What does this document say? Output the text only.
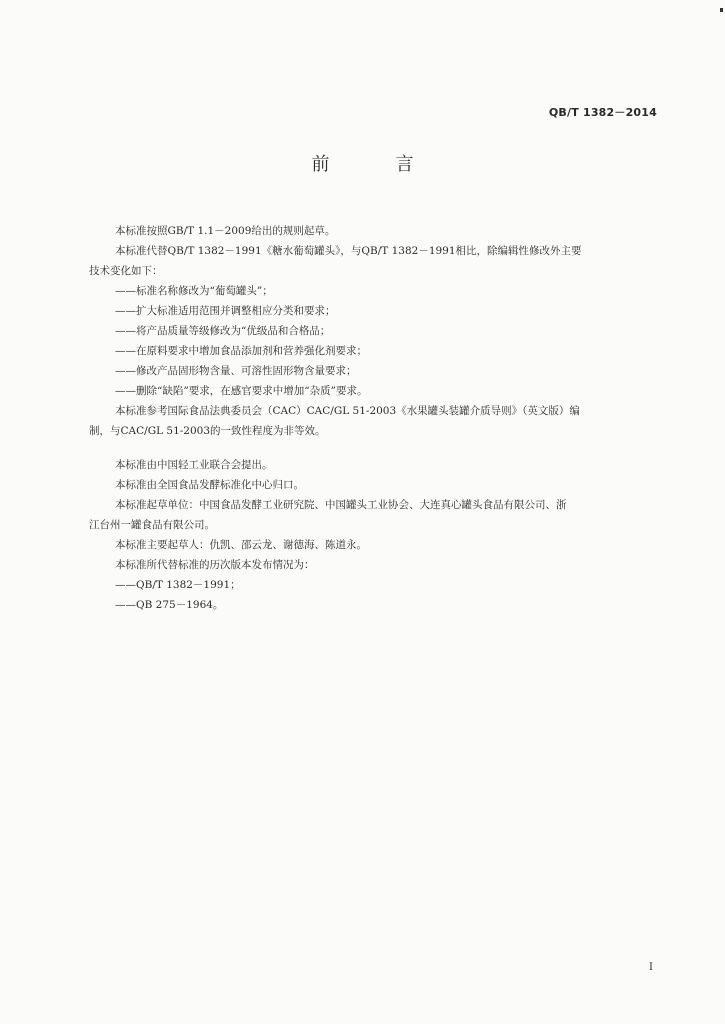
QB/T 1382－2014
前　言

本标准按照GB/T 1.1－2009给出的规则起草。

本标准代替QB/T 1382－1991《糖水葡萄罐头》，与QB/T 1382－1991相比，除编辑性修改外主要

技术变化如下：

——标准名称修改为“葡萄罐头”；

——扩大标准适用范围并调整相应分类和要求；

——将产品质量等级修改为“优级品和合格品；

——在原料要求中增加食品添加剂和营养强化剂要求；

——修改产品固形物含量、可溶性固形物含量要求；

——删除“缺陷”要求，在感官要求中增加“杂质”要求。

本标准参考国际食品法典委员会（CAC）CAC/GL 51-2003《水果罐头装罐介质导则》（英文版）编

制，与CAC/GL 51-2003的一致性程度为非等效。

本标准由中国轻工业联合会提出。

本标准由全国食品发酵标准化中心归口。

本标准起草单位：中国食品发酵工业研究院、中国罐头工业协会、大连真心罐头食品有限公司、浙

江台州一罐食品有限公司。

本标准主要起草人：仇凯、邵云龙、谢德海、陈道永。

本标准所代替标准的历次版本发布情况为：

——QB/T 1382－1991；

——QB 275－1964。

I
